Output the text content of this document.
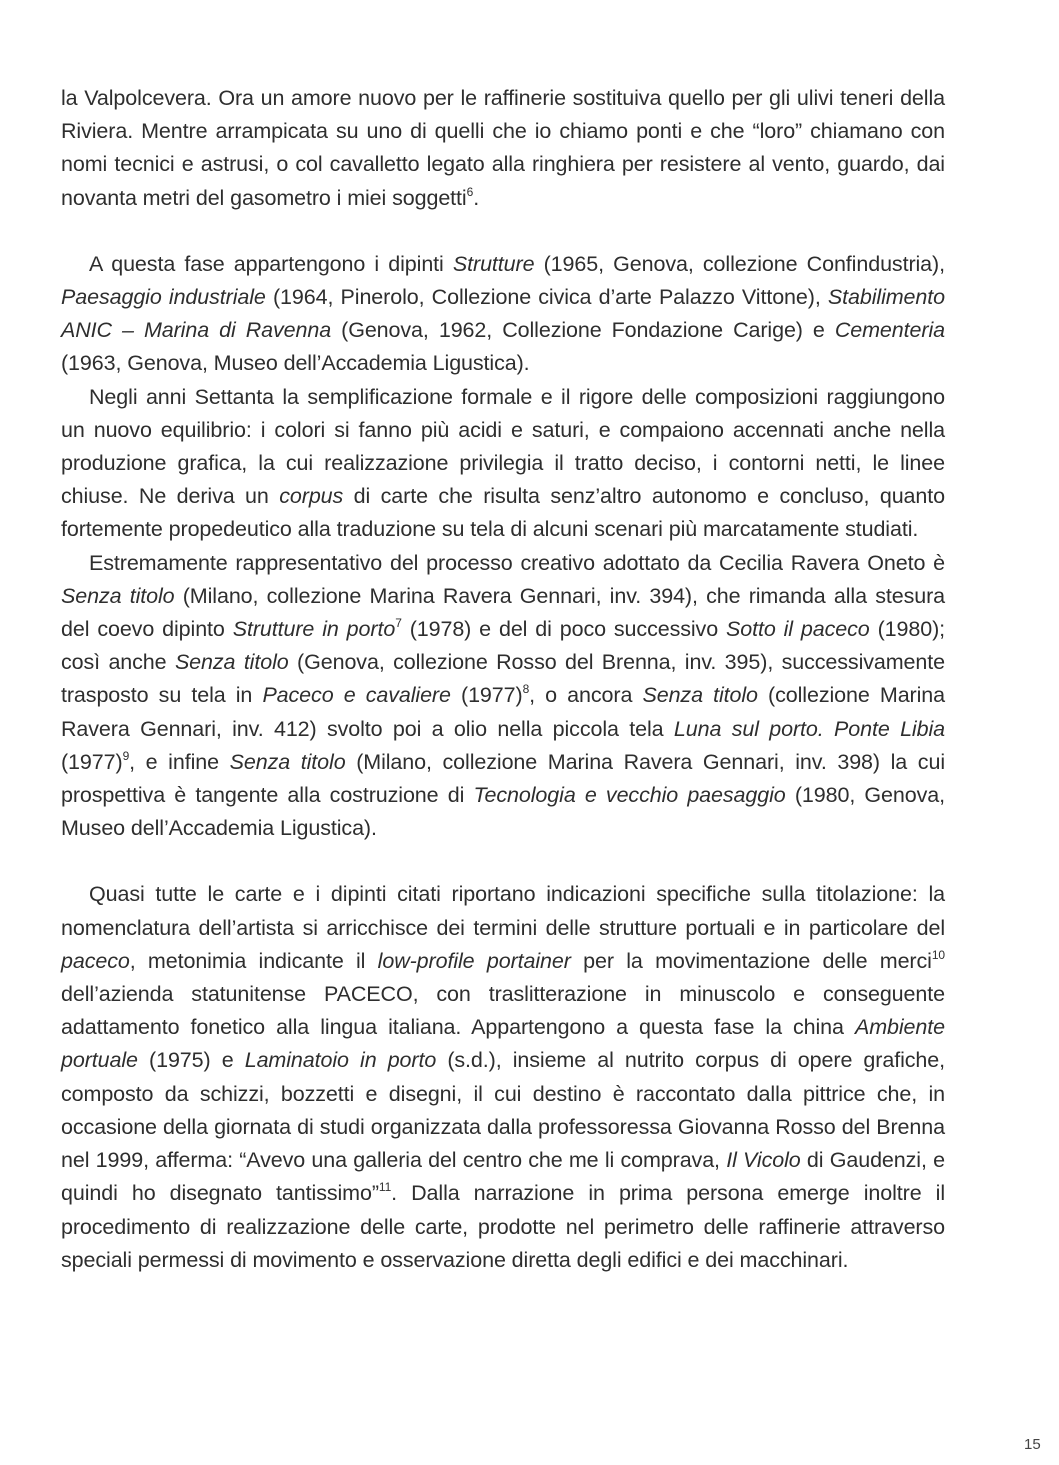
la Valpolcevera. Ora un amore nuovo per le raffinerie sostituiva quello per gli ulivi teneri della Riviera. Mentre arrampicata su uno di quelli che io chiamo ponti e che “loro” chiamano con nomi tecnici e astrusi, o col cavalletto legato alla ringhiera per resistere al vento, guardo, dai novanta metri del gasometro i miei soggetti$^6$.

A questa fase appartengono i dipinti Strutture (1965, Genova, collezione Confindustria), Paesaggio industriale (1964, Pinerolo, Collezione civica d’arte Palazzo Vittone), Stabilimento ANIC – Marina di Ravenna (Genova, 1962, Collezione Fondazione Carige) e Cementeria (1963, Genova, Museo dell’Accademia Ligustica).

Negli anni Settanta la semplificazione formale e il rigore delle composizioni raggiungono un nuovo equilibrio: i colori si fanno più acidi e saturi, e compaiono accennati anche nella produzione grafica, la cui realizzazione privilegia il tratto deciso, i contorni netti, le linee chiuse. Ne deriva un corpus di carte che risulta senz’altro autonomo e concluso, quanto fortemente propedeutico alla traduzione su tela di alcuni scenari più marcatamente studiati.

Estremamente rappresentativo del processo creativo adottato da Cecilia Ravera Oneto è Senza titolo (Milano, collezione Marina Ravera Gennari, inv. 394), che rimanda alla stesura del coevo dipinto Strutture in porto$^7$ (1978) e del di poco successivo Sotto il paceco (1980); così anche Senza titolo (Genova, collezione Rosso del Brenna, inv. 395), successivamente trasposto su tela in Paceco e cavaliere $(1977)^8$, o ancora Senza titolo (collezione Marina Ravera Gennari, inv. 412) svolto poi a olio nella piccola tela Luna sul porto. Ponte Libia $(1977)^9$, e infine Senza titolo (Milano, collezione Marina Ravera Gennari, inv. 398) la cui prospettiva è tangente alla costruzione di Tecnologia e vecchio paesaggio (1980, Genova, Museo dell’Accademia Ligustica).

Quasi tutte le carte e i dipinti citati riportano indicazioni specifiche sulla titolazione: la nomenclatura dell’artista si arricchisce dei termini delle strutture portuali e in particolare del paceco, metonimia indicante il low-profile portainer per la movimentazione delle merci$^{10}$ dell’azienda statunitense PACECO, con traslitterazione in minuscolo e conseguente adattamento fonetico alla lingua italiana. Appartengono a questa fase la china Ambiente portuale (1975) e Laminatoio in porto (s.d.), insieme al nutrito corpus di opere grafiche, composto da schizzi, bozzetti e disegni, il cui destino è raccontato dalla pittrice che, in occasione della giornata di studi organizzata dalla professoressa Giovanna Rosso del Brenna nel 1999, afferma: “Avevo una galleria del centro che me li comprava, Il Vicolo di Gaudenzi, e quindi ho disegnato tantissimo”$^{11}$. Dalla narrazione in prima persona emerge inoltre il procedimento di realizzazione delle carte, prodotte nel perimetro delle raffinerie attraverso speciali permessi di movimento e osservazione diretta degli edifici e dei macchinari.

15
